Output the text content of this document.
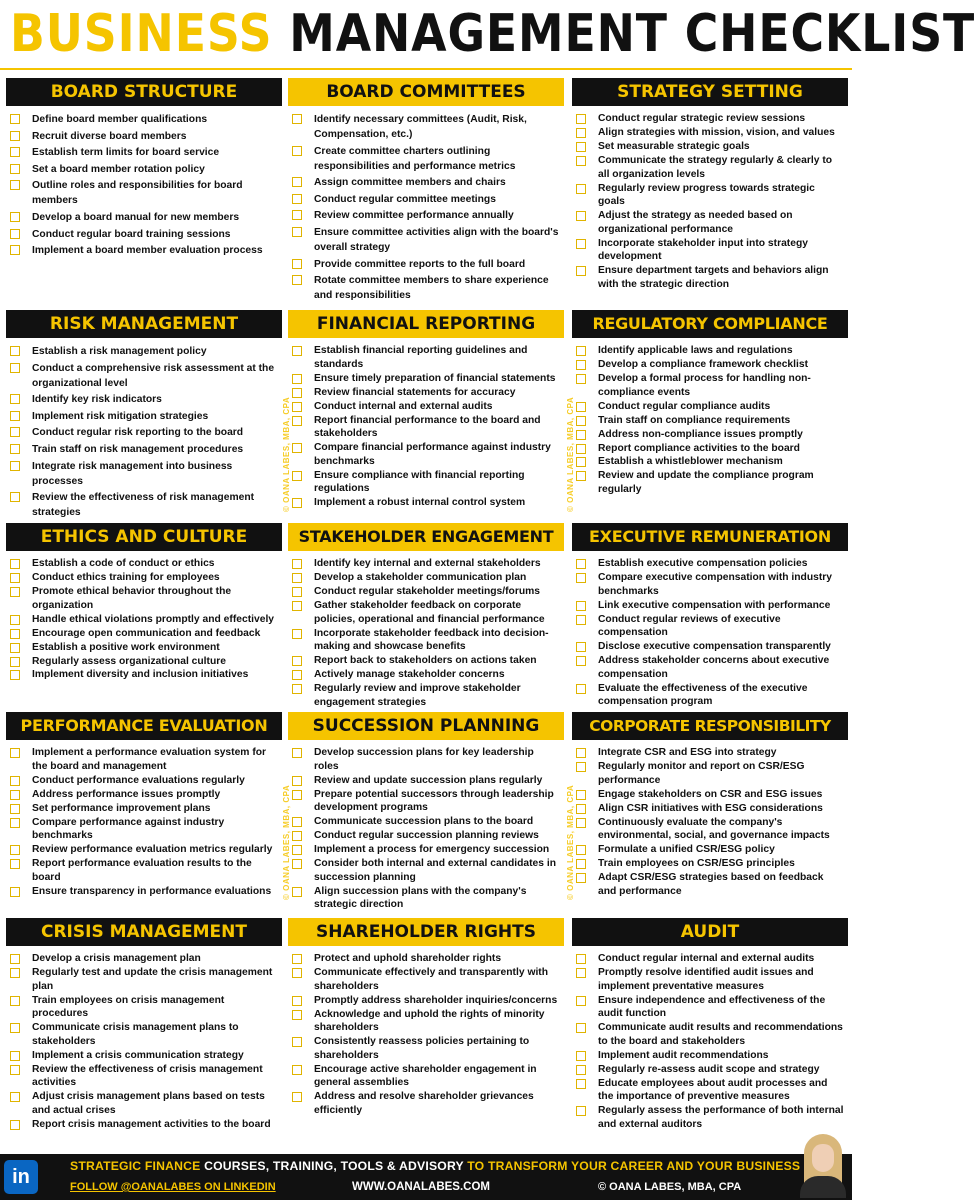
BUSINESS MANAGEMENT CHECKLIST
BOARD STRUCTURE
Define board member qualifications
Recruit diverse board members
Establish term limits for board service
Set a board member rotation policy
Outline roles and responsibilities for board members
Develop a board manual for new members
Conduct regular board training sessions
Implement a board member evaluation process
BOARD COMMITTEES
Identify necessary committees (Audit, Risk, Compensation, etc.)
Create committee charters outlining responsibilities and performance metrics
Assign committee members and chairs
Conduct regular committee meetings
Review committee performance annually
Ensure committee activities align with the board's overall strategy
Provide committee reports to the full board
Rotate committee members to share experience and responsibilities
STRATEGY SETTING
Conduct regular strategic review sessions
Align strategies with mission, vision, and values
Set measurable strategic goals
Communicate the strategy regularly & clearly to all organization levels
Regularly review progress towards strategic goals
Adjust the strategy as needed based on organizational performance
Incorporate stakeholder input into strategy development
Ensure department targets and behaviors align with the strategic direction
RISK MANAGEMENT
Establish a risk management policy
Conduct a comprehensive risk assessment at the organizational level
Identify key risk indicators
Implement risk mitigation strategies
Conduct regular risk reporting to the board
Train staff on risk management procedures
Integrate risk management into business processes
Review the effectiveness of risk management strategies
FINANCIAL REPORTING
Establish financial reporting guidelines and standards
Ensure timely preparation of financial statements
Review financial statements for accuracy
Conduct internal and external audits
Report financial performance to the board and stakeholders
Compare financial performance against industry benchmarks
Ensure compliance with financial reporting regulations
Implement a robust internal control system
REGULATORY COMPLIANCE
Identify applicable laws and regulations
Develop a compliance framework checklist
Develop a formal process for handling non-compliance events
Conduct regular compliance audits
Train staff on compliance requirements
Address non-compliance issues promptly
Report compliance activities to the board
Establish a whistleblower mechanism
Review and update the compliance program regularly
ETHICS AND CULTURE
Establish a code of conduct or ethics
Conduct ethics training for employees
Promote ethical behavior throughout the organization
Handle ethical violations promptly and effectively
Encourage open communication and feedback
Establish a positive work environment
Regularly assess organizational culture
Implement diversity and inclusion initiatives
STAKEHOLDER ENGAGEMENT
Identify key internal and external stakeholders
Develop a stakeholder communication plan
Conduct regular stakeholder meetings/forums
Gather stakeholder feedback on corporate policies, operational and financial performance
Incorporate stakeholder feedback into decision-making and showcase benefits
Report back to stakeholders on actions taken
Actively manage stakeholder concerns
Regularly review and improve stakeholder engagement strategies
EXECUTIVE REMUNERATION
Establish executive compensation policies
Compare executive compensation with industry benchmarks
Link executive compensation with performance
Conduct regular reviews of executive compensation
Disclose executive compensation transparently
Address stakeholder concerns about executive compensation
Evaluate the effectiveness of the executive compensation program
PERFORMANCE EVALUATION
Implement a performance evaluation system for the board and management
Conduct performance evaluations regularly
Address performance issues promptly
Set performance improvement plans
Compare performance against industry benchmarks
Review performance evaluation metrics regularly
Report performance evaluation results to the board
Ensure transparency in performance evaluations
SUCCESSION PLANNING
Develop succession plans for key leadership roles
Review and update succession plans regularly
Prepare potential successors through leadership development programs
Communicate succession plans to the board
Conduct regular succession planning reviews
Implement a process for emergency succession
Consider both internal and external candidates in succession planning
Align succession plans with the company's strategic direction
CORPORATE RESPONSIBILITY
Integrate CSR and ESG into strategy
Regularly monitor and report on CSR/ESG performance
Engage stakeholders on CSR and ESG issues
Align CSR initiatives with ESG considerations
Continuously evaluate the company's environmental, social, and governance impacts
Formulate a unified CSR/ESG policy
Train employees on CSR/ESG principles
Adapt CSR/ESG strategies based on feedback and performance
CRISIS MANAGEMENT
Develop a crisis management plan
Regularly test and update the crisis management plan
Train employees on crisis management procedures
Communicate crisis management plans to stakeholders
Implement a crisis communication strategy
Review the effectiveness of crisis management activities
Adjust crisis management plans based on tests and actual crises
Report crisis management activities to the board
SHAREHOLDER RIGHTS
Protect and uphold shareholder rights
Communicate effectively and transparently with shareholders
Promptly address shareholder inquiries/concerns
Acknowledge and uphold the rights of minority shareholders
Consistently reassess policies pertaining to shareholders
Encourage active shareholder engagement in general assemblies
Address and resolve shareholder grievances efficiently
AUDIT
Conduct regular internal and external audits
Promptly resolve identified audit issues and implement preventative measures
Ensure independence and effectiveness of the audit function
Communicate audit results and recommendations to the board and stakeholders
Implement audit recommendations
Regularly re-assess audit scope and strategy
Educate employees about audit processes and the importance of preventive measures
Regularly assess the performance of both internal and external auditors
© OANA LABES, MBA, CPA	© OANA LABES, MBA, CPA
© OANA LABES, MBA, CPA	© OANA LABES, MBA, CPA
in	STRATEGIC FINANCE COURSES, TRAINING, TOOLS & ADVISORY TO TRANSFORM YOUR CAREER AND YOUR BUSINESS
FOLLOW @OANALABES ON LINKEDIN	WWW.OANALABES.COM	© OANA LABES, MBA, CPA
